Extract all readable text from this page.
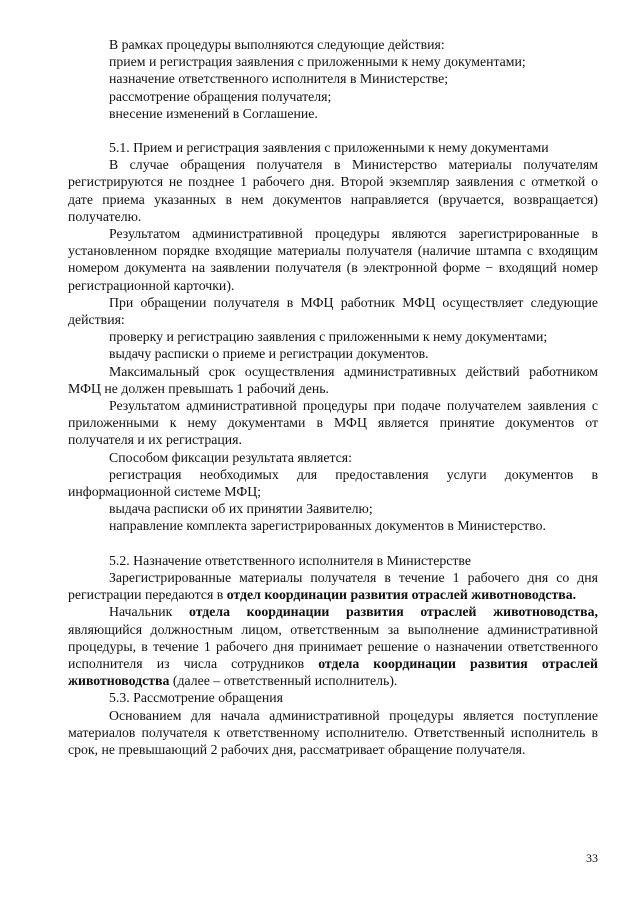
В рамках процедуры выполняются следующие действия:

прием и регистрация заявления с приложенными к нему документами;

назначение ответственного исполнителя в Министерстве;

рассмотрение обращения получателя;

внесение изменений в Соглашение.

5.1. Прием и регистрация заявления с приложенными к нему документами

В случае обращения получателя в Министерство материалы получателям регистрируются не позднее 1 рабочего дня. Второй экземпляр заявления с отметкой о дате приема указанных в нем документов направляется (вручается, возвращается) получателю.

Результатом административной процедуры являются зарегистрированные в установленном порядке входящие материалы получателя (наличие штампа с входящим номером документа на заявлении получателя (в электронной форме − входящий номер регистрационной карточки).

При обращении получателя в МФЦ работник МФЦ осуществляет следующие действия:

проверку и регистрацию заявления с приложенными к нему документами;

выдачу расписки о приеме и регистрации документов.

Максимальный срок осуществления административных действий работником МФЦ не должен превышать 1 рабочий день.

Результатом административной процедуры при подаче получателем заявления с приложенными к нему документами в МФЦ является принятие документов от получателя и их регистрация.

Способом фиксации результата является:

регистрация необходимых для предоставления услуги документов в информационной системе МФЦ;

выдача расписки об их принятии Заявителю;

направление комплекта зарегистрированных документов в Министерство.

5.2. Назначение ответственного исполнителя в Министерстве

Зарегистрированные материалы получателя в течение 1 рабочего дня со дня регистрации передаются в отдел координации развития отраслей животноводства.

Начальник отдела координации развития отраслей животноводства, являющийся должностным лицом, ответственным за выполнение административной процедуры, в течение 1 рабочего дня принимает решение о назначении ответственного исполнителя из числа сотрудников отдела координации развития отраслей животноводства (далее – ответственный исполнитель).

5.3. Рассмотрение обращения

Основанием для начала административной процедуры является поступление материалов получателя к ответственному исполнителю. Ответственный исполнитель в срок, не превышающий 2 рабочих дня, рассматривает обращение получателя.

33
